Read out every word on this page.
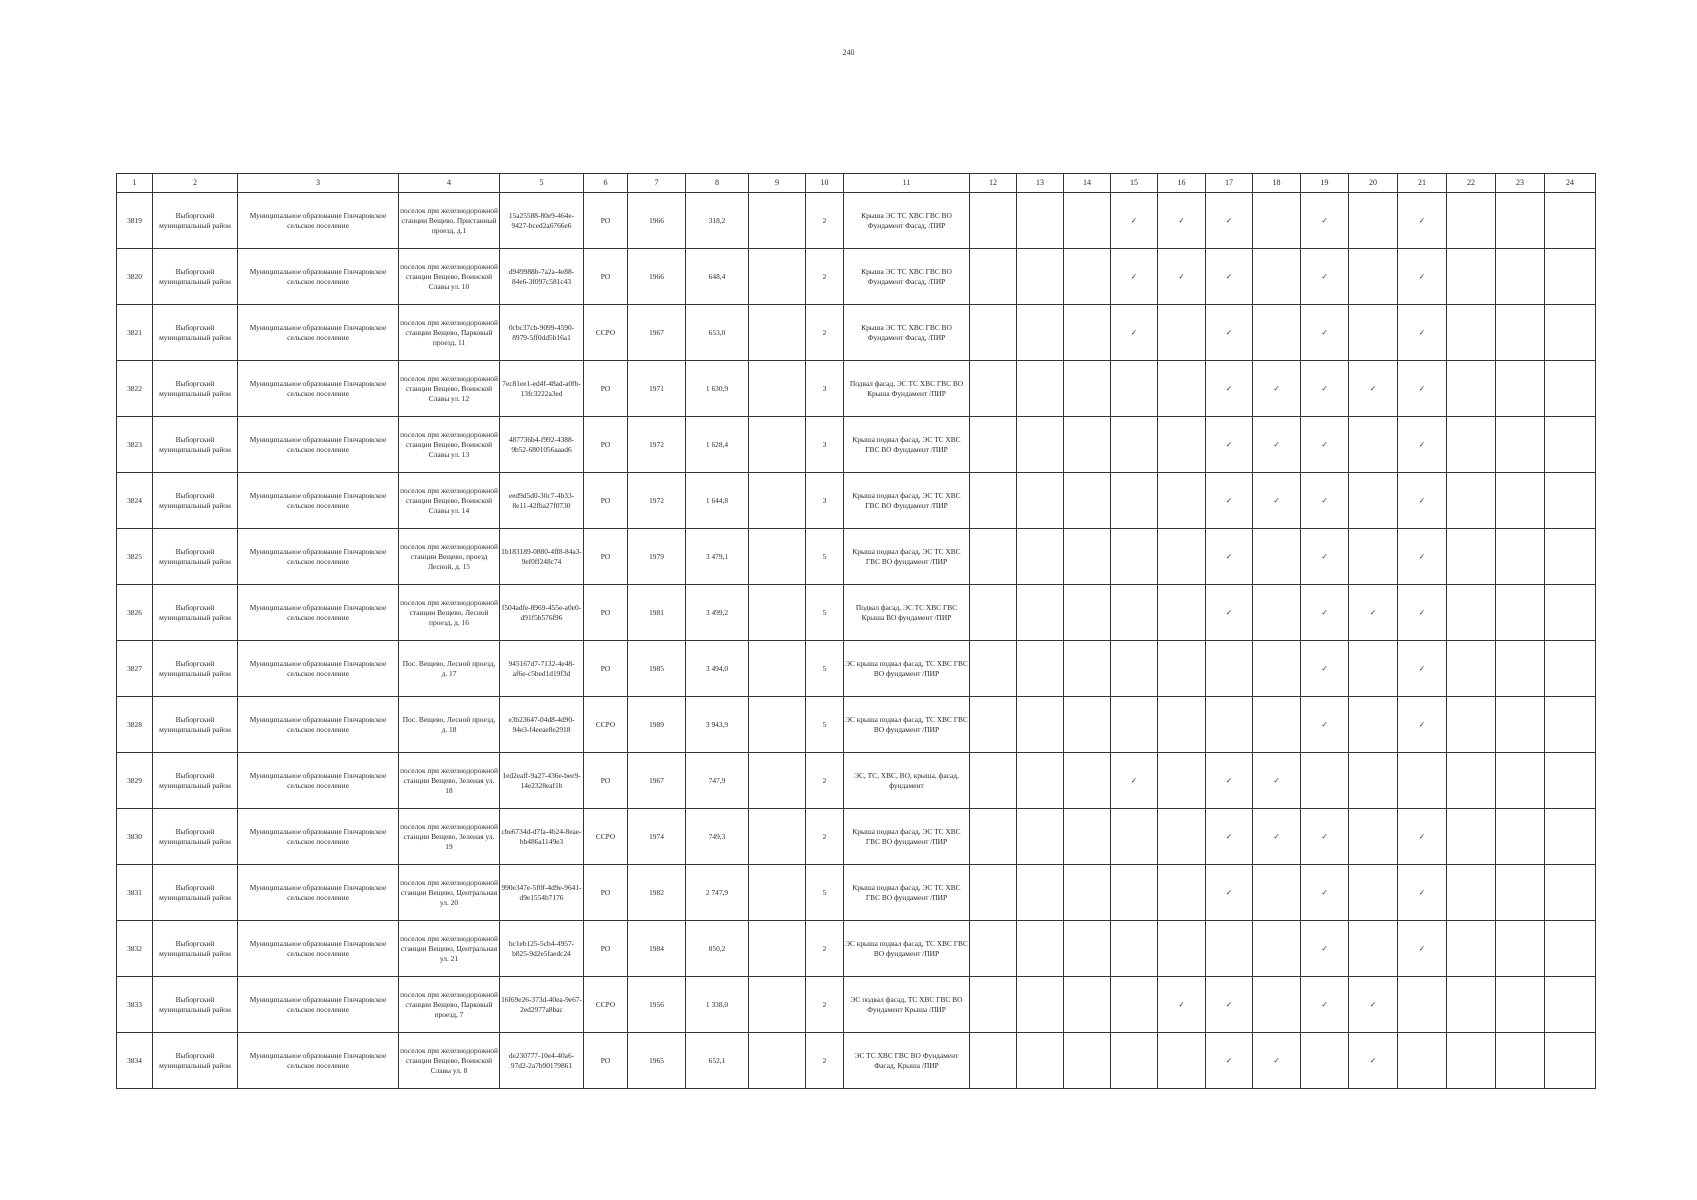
240
1	2	3	4	5	6	7	8	9	10	11	12	13	14	15	16	17	18	19	20	21	22	23	24
3819	Выборгский муниципальный район	Муниципальное образование Гончаровское сельское поселение	поселок при железнодорожной станции Вещево, Пристанный проезд, д.1	15a25588-80e9-464e-9427-bced2a6766e6	РО	1966	318,2		2	Крыша ЭС ТС ХВС ГВС ВО Фундамент Фасад, /ПИР				✓	✓	✓		✓		✓			
3820	Выборгский муниципальный район	Муниципальное образование Гончаровское сельское поселение	поселок при железнодорожной станции Вещево, Воинской Славы ул. 10	d949988b-7a2a-4e88-84e6-3f097c581c43	РО	1966	648,4		2	Крыша ЭС ТС ХВС ГВС ВО Фундамент Фасад, /ПИР				✓	✓	✓		✓		✓			
3821	Выборгский муниципальный район	Муниципальное образование Гончаровское сельское поселение	поселок при железнодорожной станции Вещево, Парковый проезд, 11	0cbc37cb-9099-4590-8979-5ff0dd5b16a1	ССРО	1967	653,0		2	Крыша ЭС ТС ХВС ГВС ВО Фундамент Фасад, /ПИР				✓		✓		✓		✓			
3822	Выборгский муниципальный район	Муниципальное образование Гончаровское сельское поселение	поселок при железнодорожной станции Вещево, Воинской Славы ул. 12	7ec81ee1-ed4f-48ad-a0fb-13fc3222a3ed	РО	1971	1 630,9		3	Подвал фасад, ЭС ТС ХВС ГВС ВО Крыша Фундамент /ПИР						✓	✓	✓	✓	✓			
3823	Выборгский муниципальный район	Муниципальное образование Гончаровское сельское поселение	поселок при железнодорожной станции Вещево, Воинской Славы ул. 13	487736b4-f992-4388-9b52-6801056aaad6	РО	1972	1 628,4		3	Крыша подвал фасад, ЭС ТС ХВС ГВС ВО Фундамент /ПИР						✓	✓	✓		✓			
3824	Выборгский муниципальный район	Муниципальное образование Гончаровское сельское поселение	поселок при железнодорожной станции Вещево, Воинской Славы ул. 14	eed9d5d0-30c7-4b33-8e11-42fba27f0730	РО	1972	1 644,8		3	Крыша подвал фасад, ЭС ТС ХВС ГВС ВО Фундамент /ПИР						✓	✓	✓		✓			
3825	Выборгский муниципальный район	Муниципальное образование Гончаровское сельское поселение	поселок при железнодорожной станции Вещево, проезд Лесной, д. 15	1b183189-0880-4ff8-84a3-9ef0ff248c74	РО	1979	3 479,1		5	Крыша подвал фасад, ЭС ТС ХВС ГВС ВО фундамент /ПИР						✓		✓		✓			
3826	Выборгский муниципальный район	Муниципальное образование Гончаровское сельское поселение	поселок при железнодорожной станции Вещево, Лесной проезд, д. 16	f504adfe-8969-455e-a0e0-d91f5b576f96	РО	1981	3 499,2		5	Подвал фасад, ЭС ТС ХВС ГВС Крыша ВО фундамент /ПИР						✓		✓	✓	✓			
3827	Выборгский муниципальный район	Муниципальное образование Гончаровское сельское поселение	Пос. Вещево, Лесной проезд, д. 17	945167d7-7132-4e48-af6e-c5bed1d19f3d	РО	1985	3 494,0		5	ЭС крыша подвал фасад, ТС ХВС ГВС ВО фундамент /ПИР								✓		✓			
3828	Выборгский муниципальный район	Муниципальное образование Гончаровское сельское поселение	Пос. Вещево, Лесной проезд, д. 18	e3b23647-04d8-4d90-94e3-f4eeae8e2918	ССРО	1989	3 943,9		5	ЭС крыша подвал фасад, ТС ХВС ГВС ВО фундамент /ПИР								✓		✓			
3829	Выборгский муниципальный район	Муниципальное образование Гончаровское сельское поселение	поселок при железнодорожной станции Вещево, Зеленая ул. 18	1ed2eaff-9a27-436e-bee9-14e2328eaf1b	РО	1967	747,9		2	ЭС, ТС, ХВС, ВО, крыша, фасад, фундамент				✓		✓	✓						
3830	Выборгский муниципальный район	Муниципальное образование Гончаровское сельское поселение	поселок при железнодорожной станции Вещево, Зеленая ул. 19	cbe6734d-d7fa-4b24-8eae-bb486a1149e3	ССРО	1974	749,3		2	Крыша подвал фасад, ЭС ТС ХВС ГВС ВО фундамент /ПИР						✓	✓	✓		✓			
3831	Выборгский муниципальный район	Муниципальное образование Гончаровское сельское поселение	поселок при железнодорожной станции Вещево, Центральная ул. 20	990e347e-5f0f-4d9e-9641-d9e1554b7176	РО	1982	2 747,9		5	Крыша подвал фасад, ЭС ТС ХВС ГВС ВО фундамент /ПИР						✓		✓		✓			
3832	Выборгский муниципальный район	Муниципальное образование Гончаровское сельское поселение	поселок при железнодорожной станции Вещево, Центральная ул. 21	bc1eb125-5cb4-4957-b825-9d2e5faedc24	РО	1984	850,2		2	ЭС крыша подвал фасад, ТС ХВС ГВС ВО фундамент /ПИР								✓		✓			
3833	Выборгский муниципальный район	Муниципальное образование Гончаровское сельское поселение	поселок при железнодорожной станции Вещево, Парковый проезд, 7	16f69e26-373d-40ea-9e67-2ed2977a8bac	ССРО	1956	1 338,0		2	ЭС подвал фасад, ТС ХВС ГВС ВО Фундамент Крыша /ПИР					✓	✓		✓	✓				
3834	Выборгский муниципальный район	Муниципальное образование Гончаровское сельское поселение	поселок при железнодорожной станции Вещево, Воинской Славы ул. 8	de230777-10e4-40a6-97d2-2a7b90179861	РО	1965	652,1		2	ЭС ТС ХВС ГВС ВО Фундамент Фасад, Крыша /ПИР						✓	✓		✓				
